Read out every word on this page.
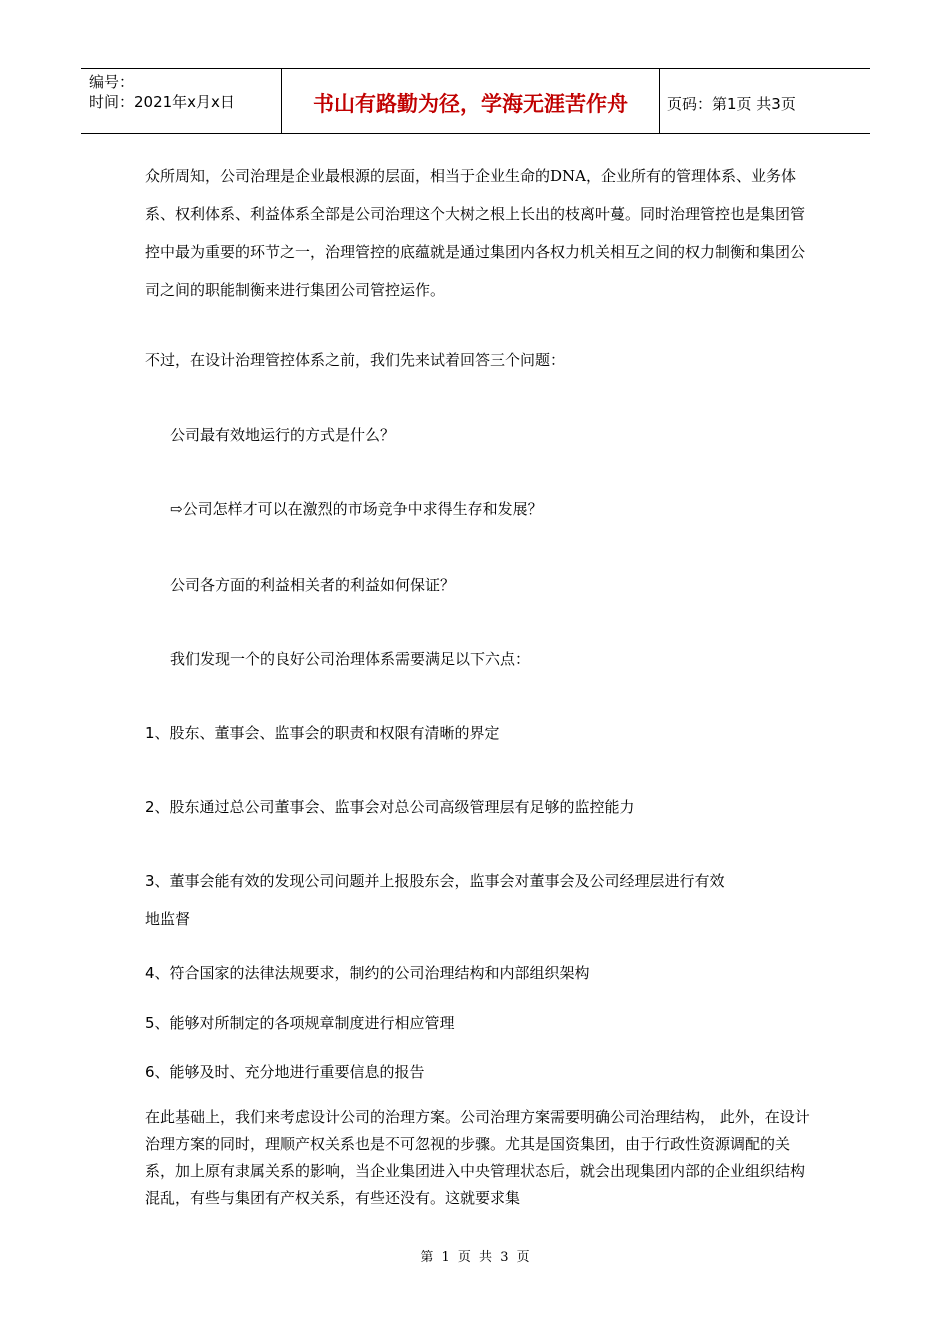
编号：
时间：2021年x月x日	书山有路勤为径，学海无涯苦作舟	页码：第1页 共3页

众所周知，公司治理是企业最根源的层面，相当于企业生命的DNA，企业所有的管理体系、业务体系、权利体系、利益体系全部是公司治理这个大树之根上长出的枝离叶蔓。同时治理管控也是集团管控中最为重要的环节之一，治理管控的底蕴就是通过集团内各权力机关相互之间的权力制衡和集团公司之间的职能制衡来进行集团公司管控运作。

不过，在设计治理管控体系之前，我们先来试着回答三个问题：

公司最有效地运行的方式是什么？

⇨公司怎样才可以在激烈的市场竞争中求得生存和发展？

公司各方面的利益相关者的利益如何保证？

我们发现一个的良好公司治理体系需要满足以下六点：

1、股东、董事会、监事会的职责和权限有清晰的界定

2、股东通过总公司董事会、监事会对总公司高级管理层有足够的监控能力

3、董事会能有效的发现公司问题并上报股东会，监事会对董事会及公司经理层进行有效

地监督

4、符合国家的法律法规要求，制约的公司治理结构和内部组织架构

5、能够对所制定的各项规章制度进行相应管理

6、能够及时、充分地进行重要信息的报告

在此基础上，我们来考虑设计公司的治理方案。公司治理方案需要明确公司治理结构， 此外，在设计治理方案的同时，理顺产权关系也是不可忽视的步骤。尤其是国资集团，由于行政性资源调配的关系，加上原有隶属关系的影响，当企业集团进入中央管理状态后，就会出现集团内部的企业组织结构混乱，有些与集团有产权关系，有些还没有。这就要求集

第 1 页 共 3 页
